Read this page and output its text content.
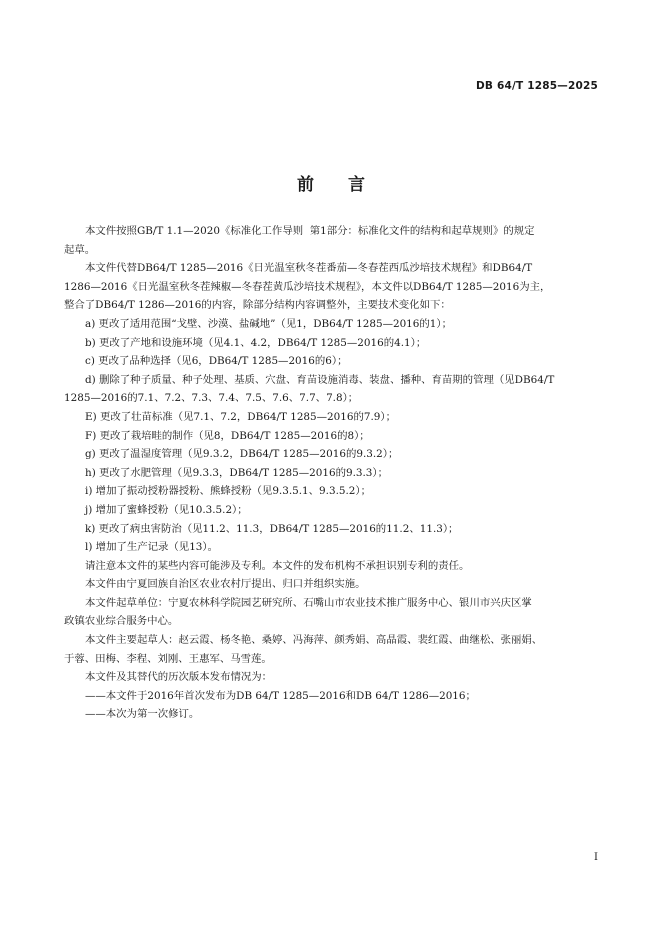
DB 64/T 1285—2025
前言

本文件按照GB/T 1.1—2020《标准化工作导则  第1部分：标准化文件的结构和起草规则》的规定
起草。

本文件代替DB64/T 1285—2016《日光温室秋冬茬番茄—冬春茬西瓜沙培技术规程》和DB64/T
1286—2016《日光温室秋冬茬辣椒—冬春茬黄瓜沙培技术规程》，本文件以DB64/T 1285—2016为主，
整合了DB64/T 1286—2016的内容，除部分结构内容调整外，主要技术变化如下：

a) 更改了适用范围“戈壁、沙漠、盐碱地”（见1，DB64/T 1285—2016的1）；

b) 更改了产地和设施环境（见4.1、4.2，DB64/T 1285—2016的4.1）；

c) 更改了品种选择（见6，DB64/T 1285—2016的6）；

d) 删除了种子质量、种子处理、基质、穴盘、育苗设施消毒、装盘、播种、育苗期的管理（见DB64/T
1285—2016的7.1、7.2、7.3、7.4、7.5、7.6、7.7、7.8）；

E) 更改了壮苗标准（见7.1、7.2，DB64/T 1285—2016的7.9）；

F) 更改了栽培畦的制作（见8，DB64/T 1285—2016的8）；

g) 更改了温湿度管理（见9.3.2，DB64/T 1285—2016的9.3.2）；

h) 更改了水肥管理（见9.3.3，DB64/T 1285—2016的9.3.3）；

i) 增加了振动授粉器授粉、熊蜂授粉（见9.3.5.1、9.3.5.2）；

j) 增加了蜜蜂授粉（见10.3.5.2）；

k) 更改了病虫害防治（见11.2、11.3，DB64/T 1285—2016的11.2、11.3）；

l) 增加了生产记录（见13）。

请注意本文件的某些内容可能涉及专利。本文件的发布机构不承担识别专利的责任。

本文件由宁夏回族自治区农业农村厅提出、归口并组织实施。

本文件起草单位：宁夏农林科学院园艺研究所、石嘴山市农业技术推广服务中心、银川市兴庆区掌
政镇农业综合服务中心。

本文件主要起草人：赵云霞、杨冬艳、桑婷、冯海萍、颜秀娟、高晶霞、裴红霞、曲继松、张丽娟、
于蓉、田梅、李程、刘刚、王惠军、马雪莲。

本文件及其替代的历次版本发布情况为：

——本文件于2016年首次发布为DB 64/T 1285—2016和DB 64/T 1286—2016；

——本次为第一次修订。

I
